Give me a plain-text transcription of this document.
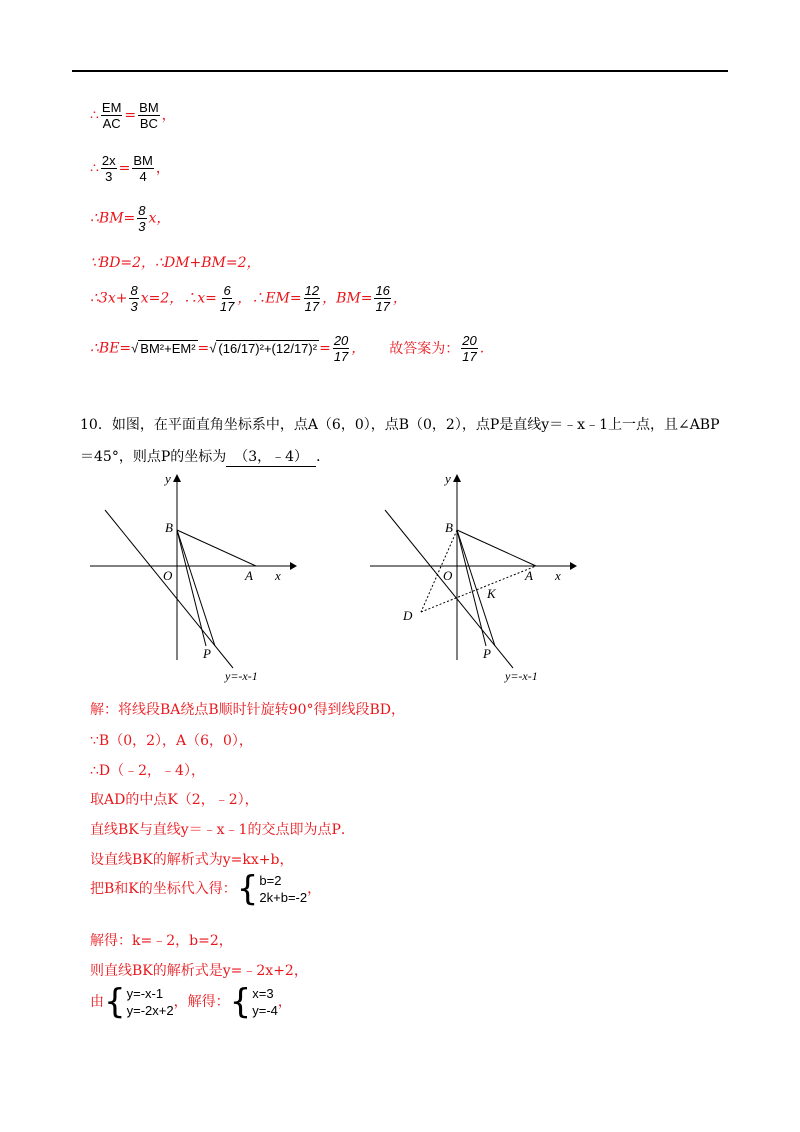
∴ $\frac{EM}{AC} = \frac{BM}{BC}$ ，
∴ $\frac{2x}{3} = \frac{BM}{4}$ ，
∴BM= $\frac{8}{3}$ x，
∵BD=2，∴DM+BM=2，
∴3x+ $\frac{8}{3} x=2$，∴x= $\frac{6}{17}$ ，∴EM= $\frac{12}{17}$ ，$BM= \frac{16}{17}$ ，
∴BE=√ BM²+EM² =√ $(16/17)^2+(12/17)^2 = \frac{20}{17}$ ， 故答案为： $\frac{20}{17}$ .
10．如图，在平面直角坐标系中，点A（6，0），点B（0，2），点P是直线y＝﹣x﹣1上一点，且∠ABP
＝45°，则点P的坐标为 （3，﹣4） ．
y
x
O	A
B
P
y=-x-1
y
x
O	A
B
P
D
K
y=-x-1
解：将线段BA绕点B顺时针旋转90°得到线段BD，
∵B（0，2），A（6，0），
∴D（﹣2，﹣4），
取AD的中点K（2，﹣2），
直线BK与直线y＝﹣x﹣1的交点即为点P．
设直线BK的解析式为y=kx+b，
把B和K的坐标代入得： { b=2
2k+b=-2
，
解得：k=﹣2，b=2，
则直线BK的解析式是y=﹣2x+2，
由 { y=-x-1
y=-2x+2
，解得： { x=3
y=-4
，
